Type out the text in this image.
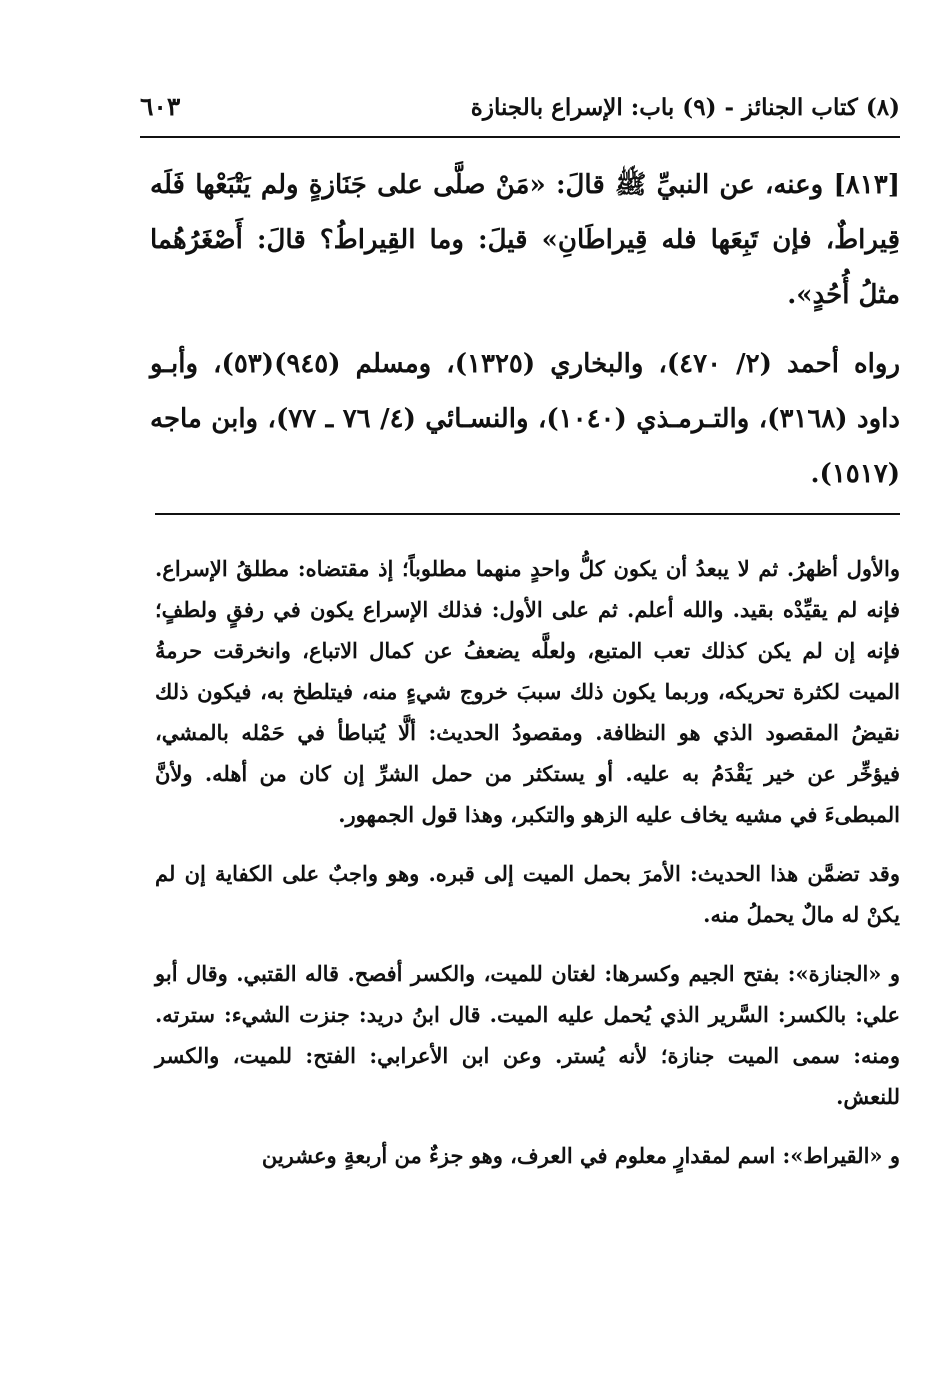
(٨) كتاب الجنائز - (٩) باب: الإسراع بالجنازة
٦٠٣

[٨١٣] وعنه، عن النبيِّ ﷺ قالَ: «مَنْ صلَّى على جَنَازةٍ ولم يَتْبَعْها فَلَه قِيراطٌ، فإن تَبِعَها فله قِيراطَانِ» قيلَ: وما القِيراطُ؟ قالَ: أَصْغَرُهُما مثلُ أُحُدٍ».

رواه أحمد (٢/ ٤٧٠)، والبخاري (١٣٢٥)، ومسلم (٩٤٥)(٥٣)، وأبـو داود (٣١٦٨)، والتـرمـذي (١٠٤٠)، والنسـائي (٤/ ٧٦ ـ ٧٧)، وابن ماجه (١٥١٧).

والأول أظهرُ. ثم لا يبعدُ أن يكون كلُّ واحدٍ منهما مطلوباً؛ إذ مقتضاه: مطلقُ الإسراع. فإنه لم يقيِّدْه بقيد. والله أعلم. ثم على الأول: فذلك الإسراع يكون في رفقٍ ولطفٍ؛ فإنه إن لم يكن كذلك تعب المتبع، ولعلَّه يضعفُ عن كمال الاتباع، وانخرقت حرمةُ الميت لكثرة تحريكه، وربما يكون ذلك سببَ خروج شيءٍ منه، فيتلطخ به، فيكون ذلك نقيضُ المقصود الذي هو النظافة. ومقصودُ الحديث: ألَّا يُتباطأ في حَمْله بالمشي، فيؤخِّر عن خير يَقْدَمُ به عليه. أو يستكثر من حمل الشرِّ إن كان من أهله. ولأنَّ المبطىءَ في مشيه يخاف عليه الزهو والتكبر، وهذا قول الجمهور.

وقد تضمَّن هذا الحديث: الأمرَ بحمل الميت إلى قبره. وهو واجبٌ على الكفاية إن لم يكنْ له مالٌ يحملُ منه.

و «الجنازة»: بفتح الجيم وكسرها: لغتان للميت، والكسر أفصح. قاله القتبي. وقال أبو علي: بالكسر: السَّرير الذي يُحمل عليه الميت. قال ابنُ دريد: جنزت الشيء: سترته. ومنه: سمى الميت جنازة؛ لأنه يُستر. وعن ابن الأعرابي: الفتح: للميت، والكسر للنعش.

و «القيراط»: اسم لمقدارٍ معلوم في العرف، وهو جزءٌ من أربعةٍ وعشرين
